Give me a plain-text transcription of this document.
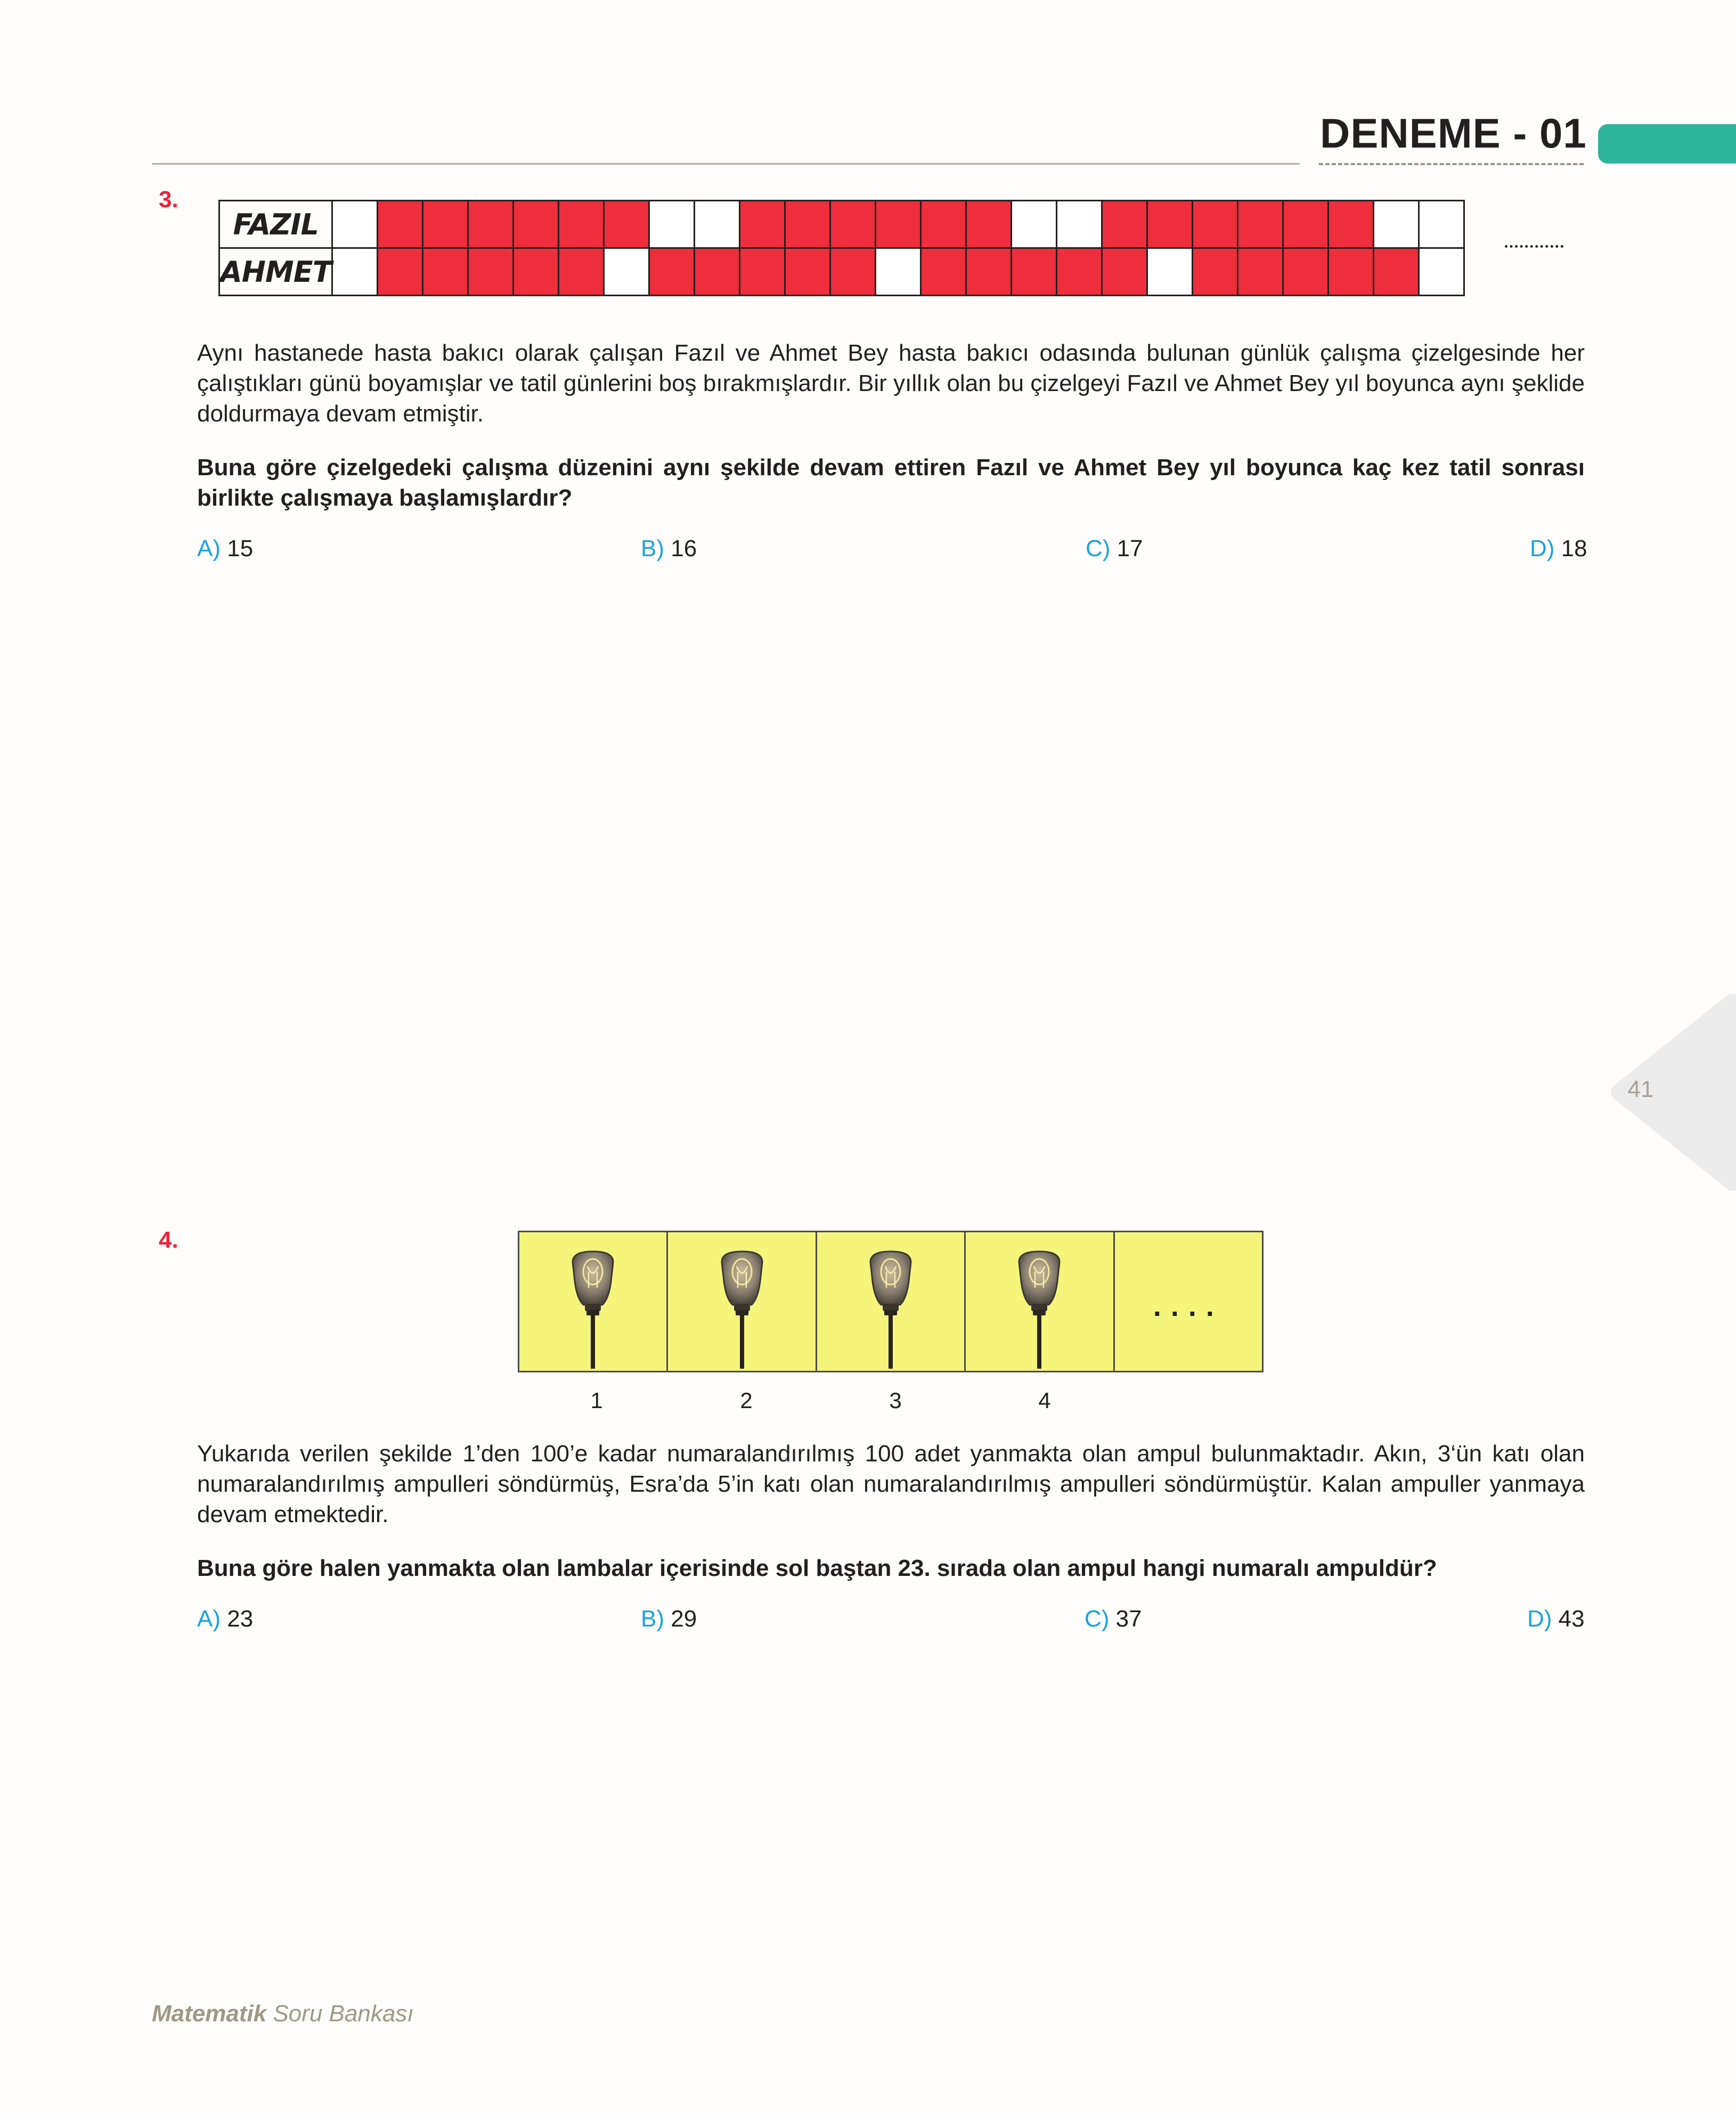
DENEME - 01
3.
FAZIL																									
AHMET																									
Aynı hastanede hasta bakıcı olarak çalışan Fazıl ve Ahmet Bey hasta bakıcı odasında bulunan günlük çalışma çizelgesinde her çalıştıkları günü boyamışlar ve tatil günlerini boş bırakmışlardır. Bir yıllık olan bu çizelgeyi Fazıl ve Ahmet Bey yıl boyunca aynı şeklide doldurmaya devam etmiştir.
Buna göre çizelgedeki çalışma düzenini aynı şekilde devam ettiren Fazıl ve Ahmet Bey yıl boyunca kaç kez tatil sonrası birlikte çalışmaya başlamışlardır?
A) 15	B) 16	C) 17	D) 18
41
4.
....
1	2	3	4
Yukarıda verilen şekilde 1’den 100’e kadar numaralandırılmış 100 adet yanmakta olan ampul bulunmaktadır. Akın, 3‘ün katı olan numaralandırılmış ampulleri söndürmüş, Esra’da 5’in katı olan numaralandırılmış ampulleri söndürmüştür. Kalan ampuller yanmaya devam etmektedir.
Buna göre halen yanmakta olan lambalar içerisinde sol baştan 23. sırada olan ampul hangi numaralı ampuldür?
A) 23	B) 29	C) 37	D) 43
Matematik Soru Bankası
